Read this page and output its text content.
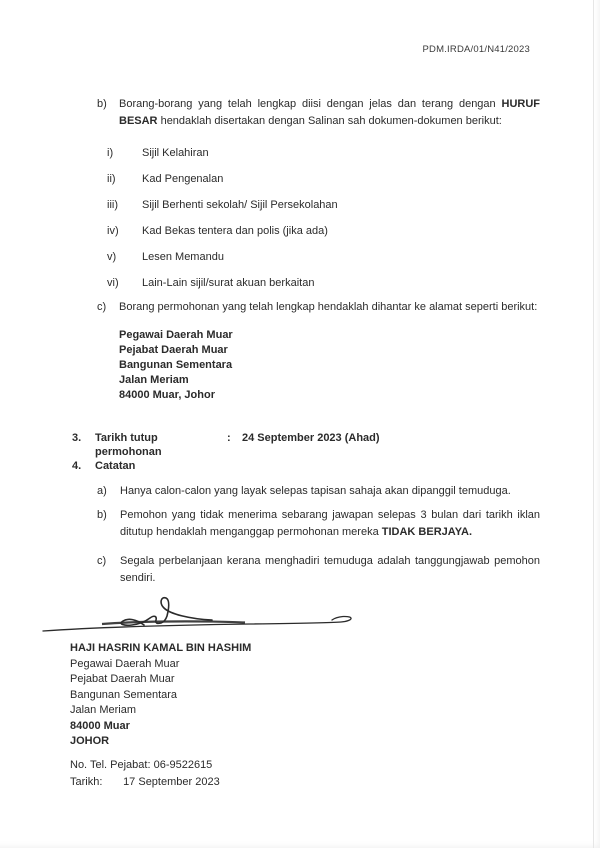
PDM.IRDA/01/N41/2023
b)	Borang-borang yang telah lengkap diisi dengan jelas dan terang dengan HURUF BESAR hendaklah disertakan dengan Salinan sah dokumen-dokumen berikut:

i)	Sijil Kelahiran
ii)	Kad Pengenalan
iii)	Sijil Berhenti sekolah/ Sijil Persekolahan
iv)	Kad Bekas tentera dan polis (jika ada)
v)	Lesen Memandu
vi)	Lain-Lain sijil/surat akuan berkaitan
c)	Borang permohonan yang telah lengkap hendaklah dihantar ke alamat seperti berikut:

Pegawai Daerah Muar
Pejabat Daerah Muar
Bangunan Sementara
Jalan Meriam
84000 Muar, Johor
3.	Tarikh tutup permohonan
:	24 September 2023 (Ahad)
4.	Catatan
a)	Hanya calon-calon yang layak selepas tapisan sahaja akan dipanggil temuduga.

b)	Pemohon yang tidak menerima sebarang jawapan selepas 3 bulan dari tarikh iklan ditutup hendaklah menganggap permohonan mereka TIDAK BERJAYA.

c)	Segala perbelanjaan kerana menghadiri temuduga adalah tanggungjawab pemohon sendiri.

HAJI HASRIN KAMAL BIN HASHIM
Pegawai Daerah Muar
Pejabat Daerah Muar
Bangunan Sementara
Jalan Meriam
84000 Muar
JOHOR
No. Tel. Pejabat: 06-9522615
Tarikh: 17 September 2023
